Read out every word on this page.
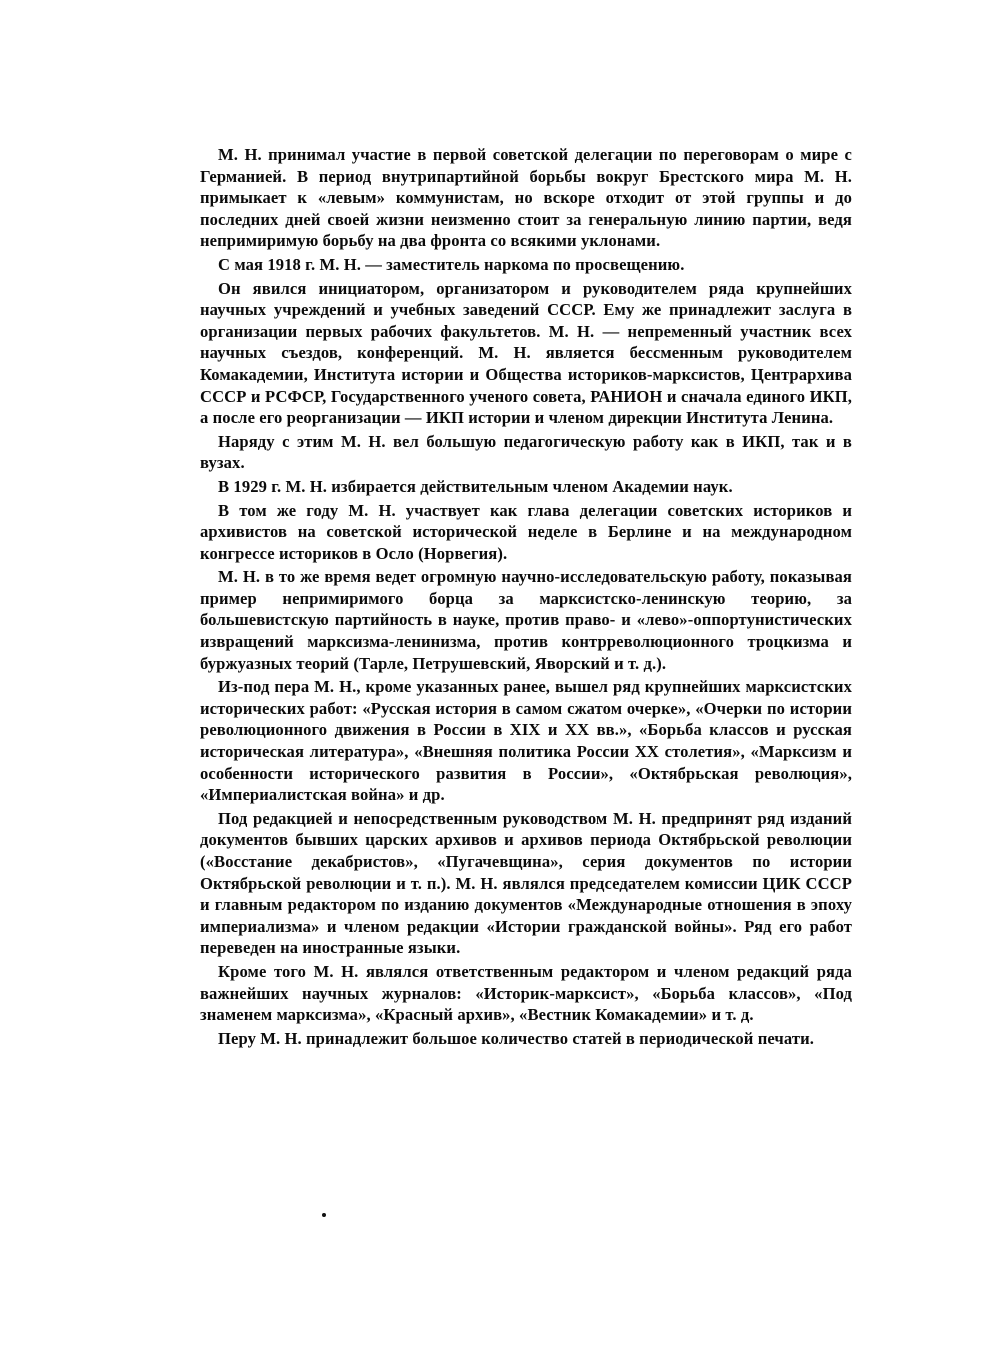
М. Н. принимал участие в первой советской делегации по переговорам о мире с Германией. В период внутрипартийной борьбы вокруг Брестского мира М. Н. примыкает к «левым» коммунистам, но вскоре отходит от этой группы и до последних дней своей жизни неизменно стоит за генеральную линию партии, ведя непримиримую борьбу на два фронта со всякими уклонами.

С мая 1918 г. М. Н. — заместитель наркома по просвещению.

Он явился инициатором, организатором и руководителем ряда крупнейших научных учреждений и учебных заведений СССР. Ему же принадлежит заслуга в организации первых рабочих факультетов. М. Н. — непременный участник всех научных съездов, конференций. М. Н. является бессменным руководителем Комакадемии, Института истории и Общества историков-марксистов, Центрархива СССР и РСФСР, Государственного ученого совета, РАНИОН и сначала единого ИКП, а после его реорганизации — ИКП истории и членом дирекции Института Ленина.

Наряду с этим М. Н. вел большую педагогическую работу как в ИКП, так и в вузах.

В 1929 г. М. Н. избирается действительным членом Академии наук.

В том же году М. Н. участвует как глава делегации советских историков и архивистов на советской исторической неделе в Берлине и на международном конгрессе историков в Осло (Норвегия).

М. Н. в то же время ведет огромную научно-исследовательскую работу, показывая пример непримиримого борца за марксистско-ленинскую теорию, за большевистскую партийность в науке, против право- и «лево»-оппортунистических извращений марксизма-ленинизма, против контрреволюционного троцкизма и буржуазных теорий (Тарле, Петрушевский, Яворский и т. д.).

Из-под пера М. Н., кроме указанных ранее, вышел ряд крупнейших марксистских исторических работ: «Русская история в самом сжатом очерке», «Очерки по истории революционного движения в России в XIX и XX вв.», «Борьба классов и русская историческая литература», «Внешняя политика России XX столетия», «Марксизм и особенности исторического развития в России», «Октябрьская революция», «Империалистская война» и др.

Под редакцией и непосредственным руководством М. Н. предпринят ряд изданий документов бывших царских архивов и архивов периода Октябрьской революции («Восстание декабристов», «Пугачевщина», серия документов по истории Октябрьской революции и т. п.). М. Н. являлся председателем комиссии ЦИК СССР и главным редактором по изданию документов «Международные отношения в эпоху империализма» и членом редакции «Истории гражданской войны». Ряд его работ переведен на иностранные языки.

Кроме того М. Н. являлся ответственным редактором и членом редакций ряда важнейших научных журналов: «Историк-марксист», «Борьба классов», «Под знаменем марксизма», «Красный архив», «Вестник Комакадемии» и т. д.

Перу М. Н. принадлежит большое количество статей в периодической печати.
